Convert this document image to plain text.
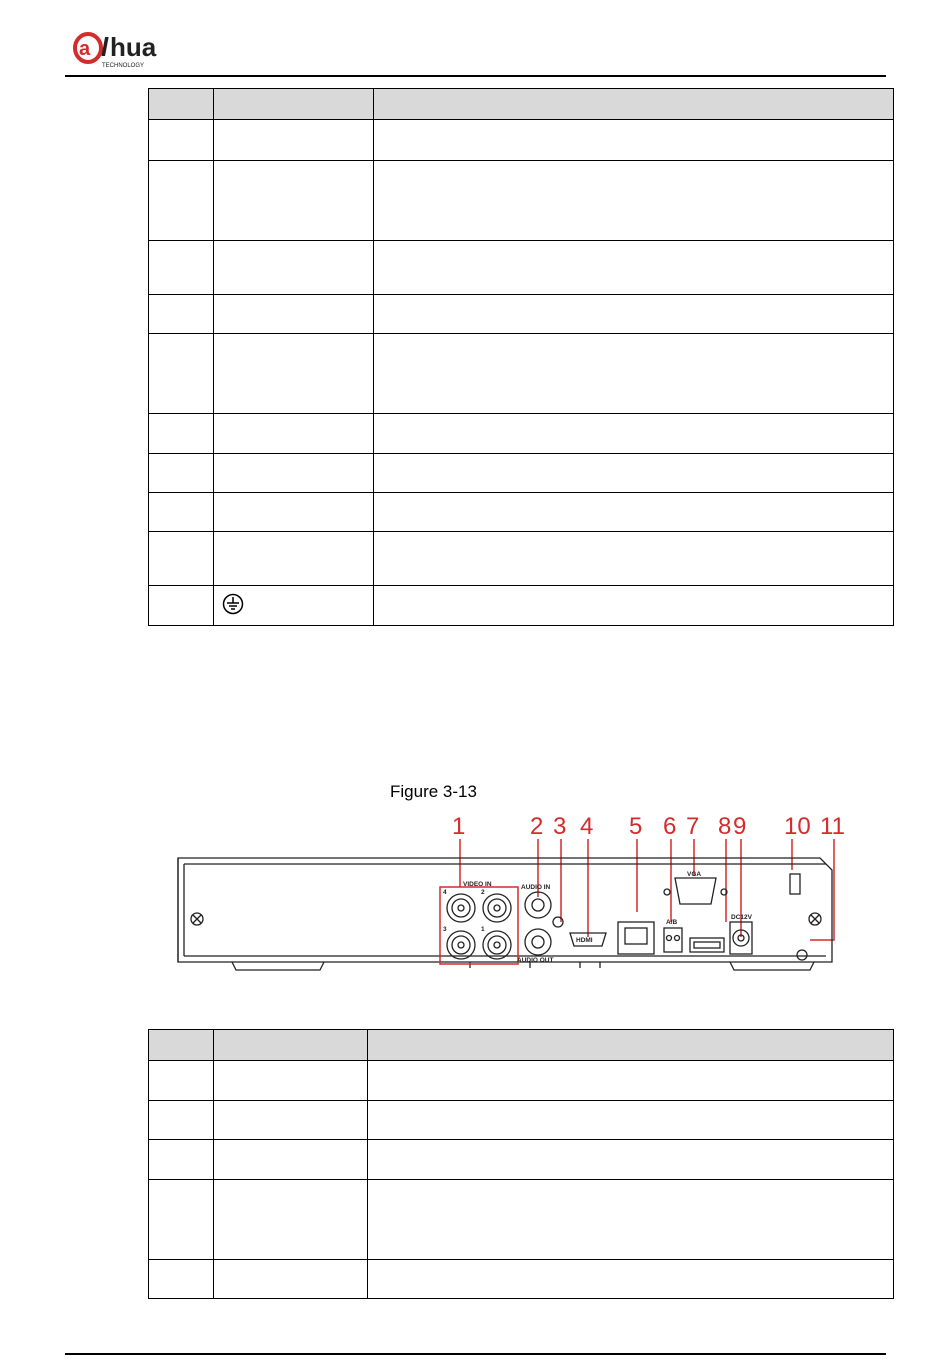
a l hua
TECHNOLOGY

Figure 3-13
1	2 3 4 5 6 7 8 9 10 11
VIDEO IN	AUDIO IN
AUDIO OUT
VGA
HDMI
A/B
DC12V
4	2
3	1
